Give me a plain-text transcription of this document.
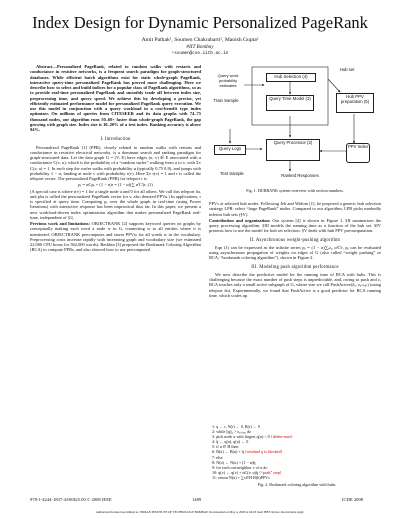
Index Design for Dynamic Personalized PageRank
Amit Pathak¹, Soumen Chakrabarti², Manish Gupta³
#IIT Bombay
¹soumen@cse.iitb.ac.in

Abstract—Personalized PageRank, related to random walks with restarts and conductance in resistive networks, is a frequent search paradigm for graph-structured databases. While efficient batch algorithms exist for static whole-graph PageRank, interactive query-time personalized PageRank has proved more challenging. Here we describe how to select and build indices for a popular class of PageRank algorithms, so as to provide real-time personalized PageRank and smoothly trade off between index size, preprocessing time, and query speed. We achieve this by developing a precise, yet efficiently estimated performance model for personalized PageRank query execution. We use this model in conjunction with a query workload in a cost-benefit type index optimizer. On millions of queries from CITESEER and its data graphs with 74–75 thousand nodes, our algorithm runs 50–60× faster than whole-graph PageRank, the gap growing with graph size. Index size is 10–20% of a text index. Ranking accuracy is above 94%.

I. Introduction

Personalized PageRank [1] (PPR), closely related to random walks with restarts and conductance in resistive electrical networks, is a dominant search and ranking paradigm for graph-structured data. Let the data graph G = (V, E) have edges (u, v) ∈ E associated with a conductance C(v, u), which is the probability of a “random surfer” walking from u to v, with Σv C(v, u) = 1. In each step the surfer walks with probability α (typically 0.75 0.8), and jumps with probability 1 − α, landing at node v with probability r(v). Here Σv r(v) = 1 and r is called the teleport vector. The personalized PageRank (PPR) for teleport r is

pᵣ = αCpᵣ + (1 − α)r = (1 − α)(∑ αⁱCⁱ)r. (1)

(A special case is where r(v) = 1 for a single node u and 0 for all others. We call this teleport δu, and pδu is called the personalized PageRank vector for v, also denoted PPVu.) In applications, r is specified at query time. Computing pᵣ over the whole graph in real-time (using Power Iterations) with interactive response has been impractical thus far. In this paper, we present a new workload-driven index optimization algorithm that makes personalized PageRank real-time, independent of |G|.

Previous work and limitations: OBJECTRANK [2] supports keyword queries on graphs by conceptually making each word a node w in G, connecting w to all entities where it is mentioned. OBJECTRANK precomputes and stores PPVw for all words w in the vocabulary. Preprocessing costs increase rapidly with increasing graph and vocabulary size (we estimated 22,000 CPU hours for 562,000 words). Berkhin [3] proposed the Bookmark Coloring Algorithm (BCA) to compute PPRs, and also showed how to use precomputed

Query word
probability estimates
Train Sample
Hub Selection (4)
Query Time Model (3)
Hub set
Hub PPV preparation (5)
Query Logs
Query Processor (2)
PPV Index
Test Sample	Ranked Responses
Fig. 1. HUBRANK system overview with section numbers.

PPVs at selected hub nodes. Following Jeh and Widom [1], he proposed a generic hub selection strategy LPR: select “large PageRank” nodes. Compared to our algorithm, LPR picks markedly inferior hub sets (§V).

Contribution and organization: Our system [4] is shown in Figure 1. §II summarizes the query processing algorithm. §III models the running time as a function of the hub set. §IV presents how to use the model for hub set selection. §V deals with hub PPV precomputation.

II. Asynchronous weight-pushing algorithm

Eqn (1) can be expressed as the infinite series pᵣ = (1 − α)∑ᵢ≥₀ αⁱCⁱr, pᵣ can be evaluated using asynchronous propagation of weights on edges of G (also called “weight pushing” or BCA, “bookmark coloring algorithm”), shown in Figure 2.

III. Modeling push algorithm performance

We now describe the predictive model for the running time of BCA with hubs. This is challenging because the exact number of push steps is unpredictable, and, owing to push and ε, BCA touches only a small active subgraph of G, whose size we call PushActive(δᵤ, εₐₛₜₒₚ) (using teleport δu). Experimentally, we found that PushActive is a good predictor for BCA running time, which scales up

1: q ← r, N(r) ← 0, B(r) ← 0
2: while ||q||₁ > εₐₛₜₒₚ do
3: pick node u with largest q(u) > 0 {delete-max}
4: ̃q ← q(u), q(u) ← 0
5: if u ∈ H then
6: B(u) ← B(u) + ̃q {residual q is blocked}
7: else
8: N(u) ← N(u) + (1 − α)̃q
9: for each out-neighbor v of u do
10: q(v) ← q(v) + αC(v, u)̃q {“push” step}
11: return N(u) + ∑ₕ∈H B(h)PPVₕ
Fig. 2. Bookmark coloring algorithm with hubs.
978-1-4244-1837-4/08/$25.00 © 2008 IEEE	1489	ICDE 2008
Authorized licensed use limited to: INDIAN INSTITUTE OF TECHNOLOGY BOMBAY. Downloaded on May 4, 2009 at 04:18 from IEEE Xplore. Restrictions apply.
